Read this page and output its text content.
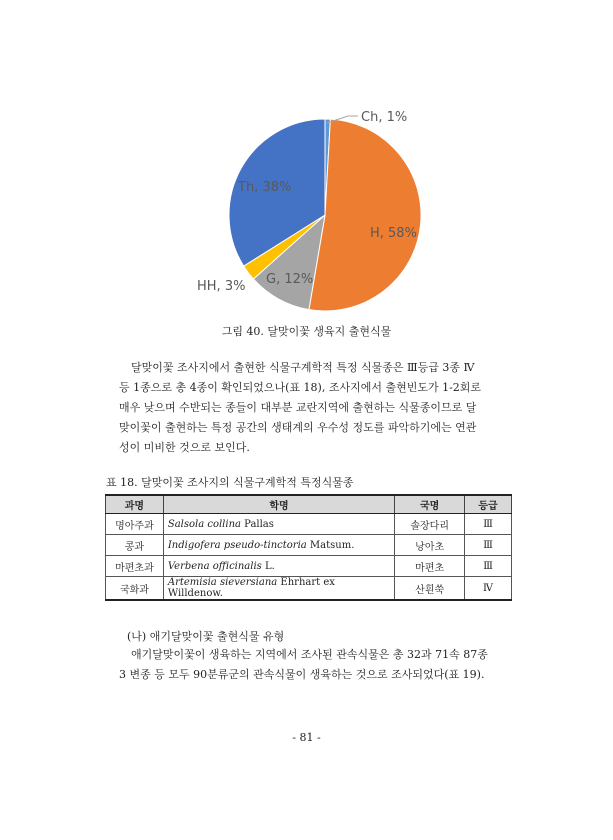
Ch, 1%
H, 58%
G, 12%
HH, 3%
Th, 38%
그림 40. 달맞이꽃 생육지 출현식물
달맞이꽃 조사지에서 출현한 식물구계학적 특정 식물종은 Ⅲ등급 3종 Ⅳ
등 1종으로 총 4종이 확인되었으나(표 18), 조사지에서 출현빈도가 1-2회로
매우 낮으며 수반되는 종들이 대부분 교란지역에 출현하는 식물종이므로 달
맞이꽃이 출현하는 특정 공간의 생태계의 우수성 정도를 파악하기에는 연관
성이 미비한 것으로 보인다.
표 18. 달맞이꽃 조사지의 식물구계학적 특정식물종
과명	학명	국명	등급
명아주과	Salsola collina Pallas	솔장다리	Ⅲ
콩과	Indigofera pseudo-tinctoria Matsum.	낭아초	Ⅲ
마편초과	Verbena officinalis L.	마편초	Ⅲ
국화과	Artemisia sieversiana Ehrhart ex Willdenow.	산흰쑥	Ⅳ
(나) 애기달맞이꽃 출현식물 유형
애기달맞이꽃이 생육하는 지역에서 조사된 관속식물은 총 32과 71속 87종
3 변종 등 모두 90분류군의 관속식물이 생육하는 것으로 조사되었다(표 19).
- 81 -
